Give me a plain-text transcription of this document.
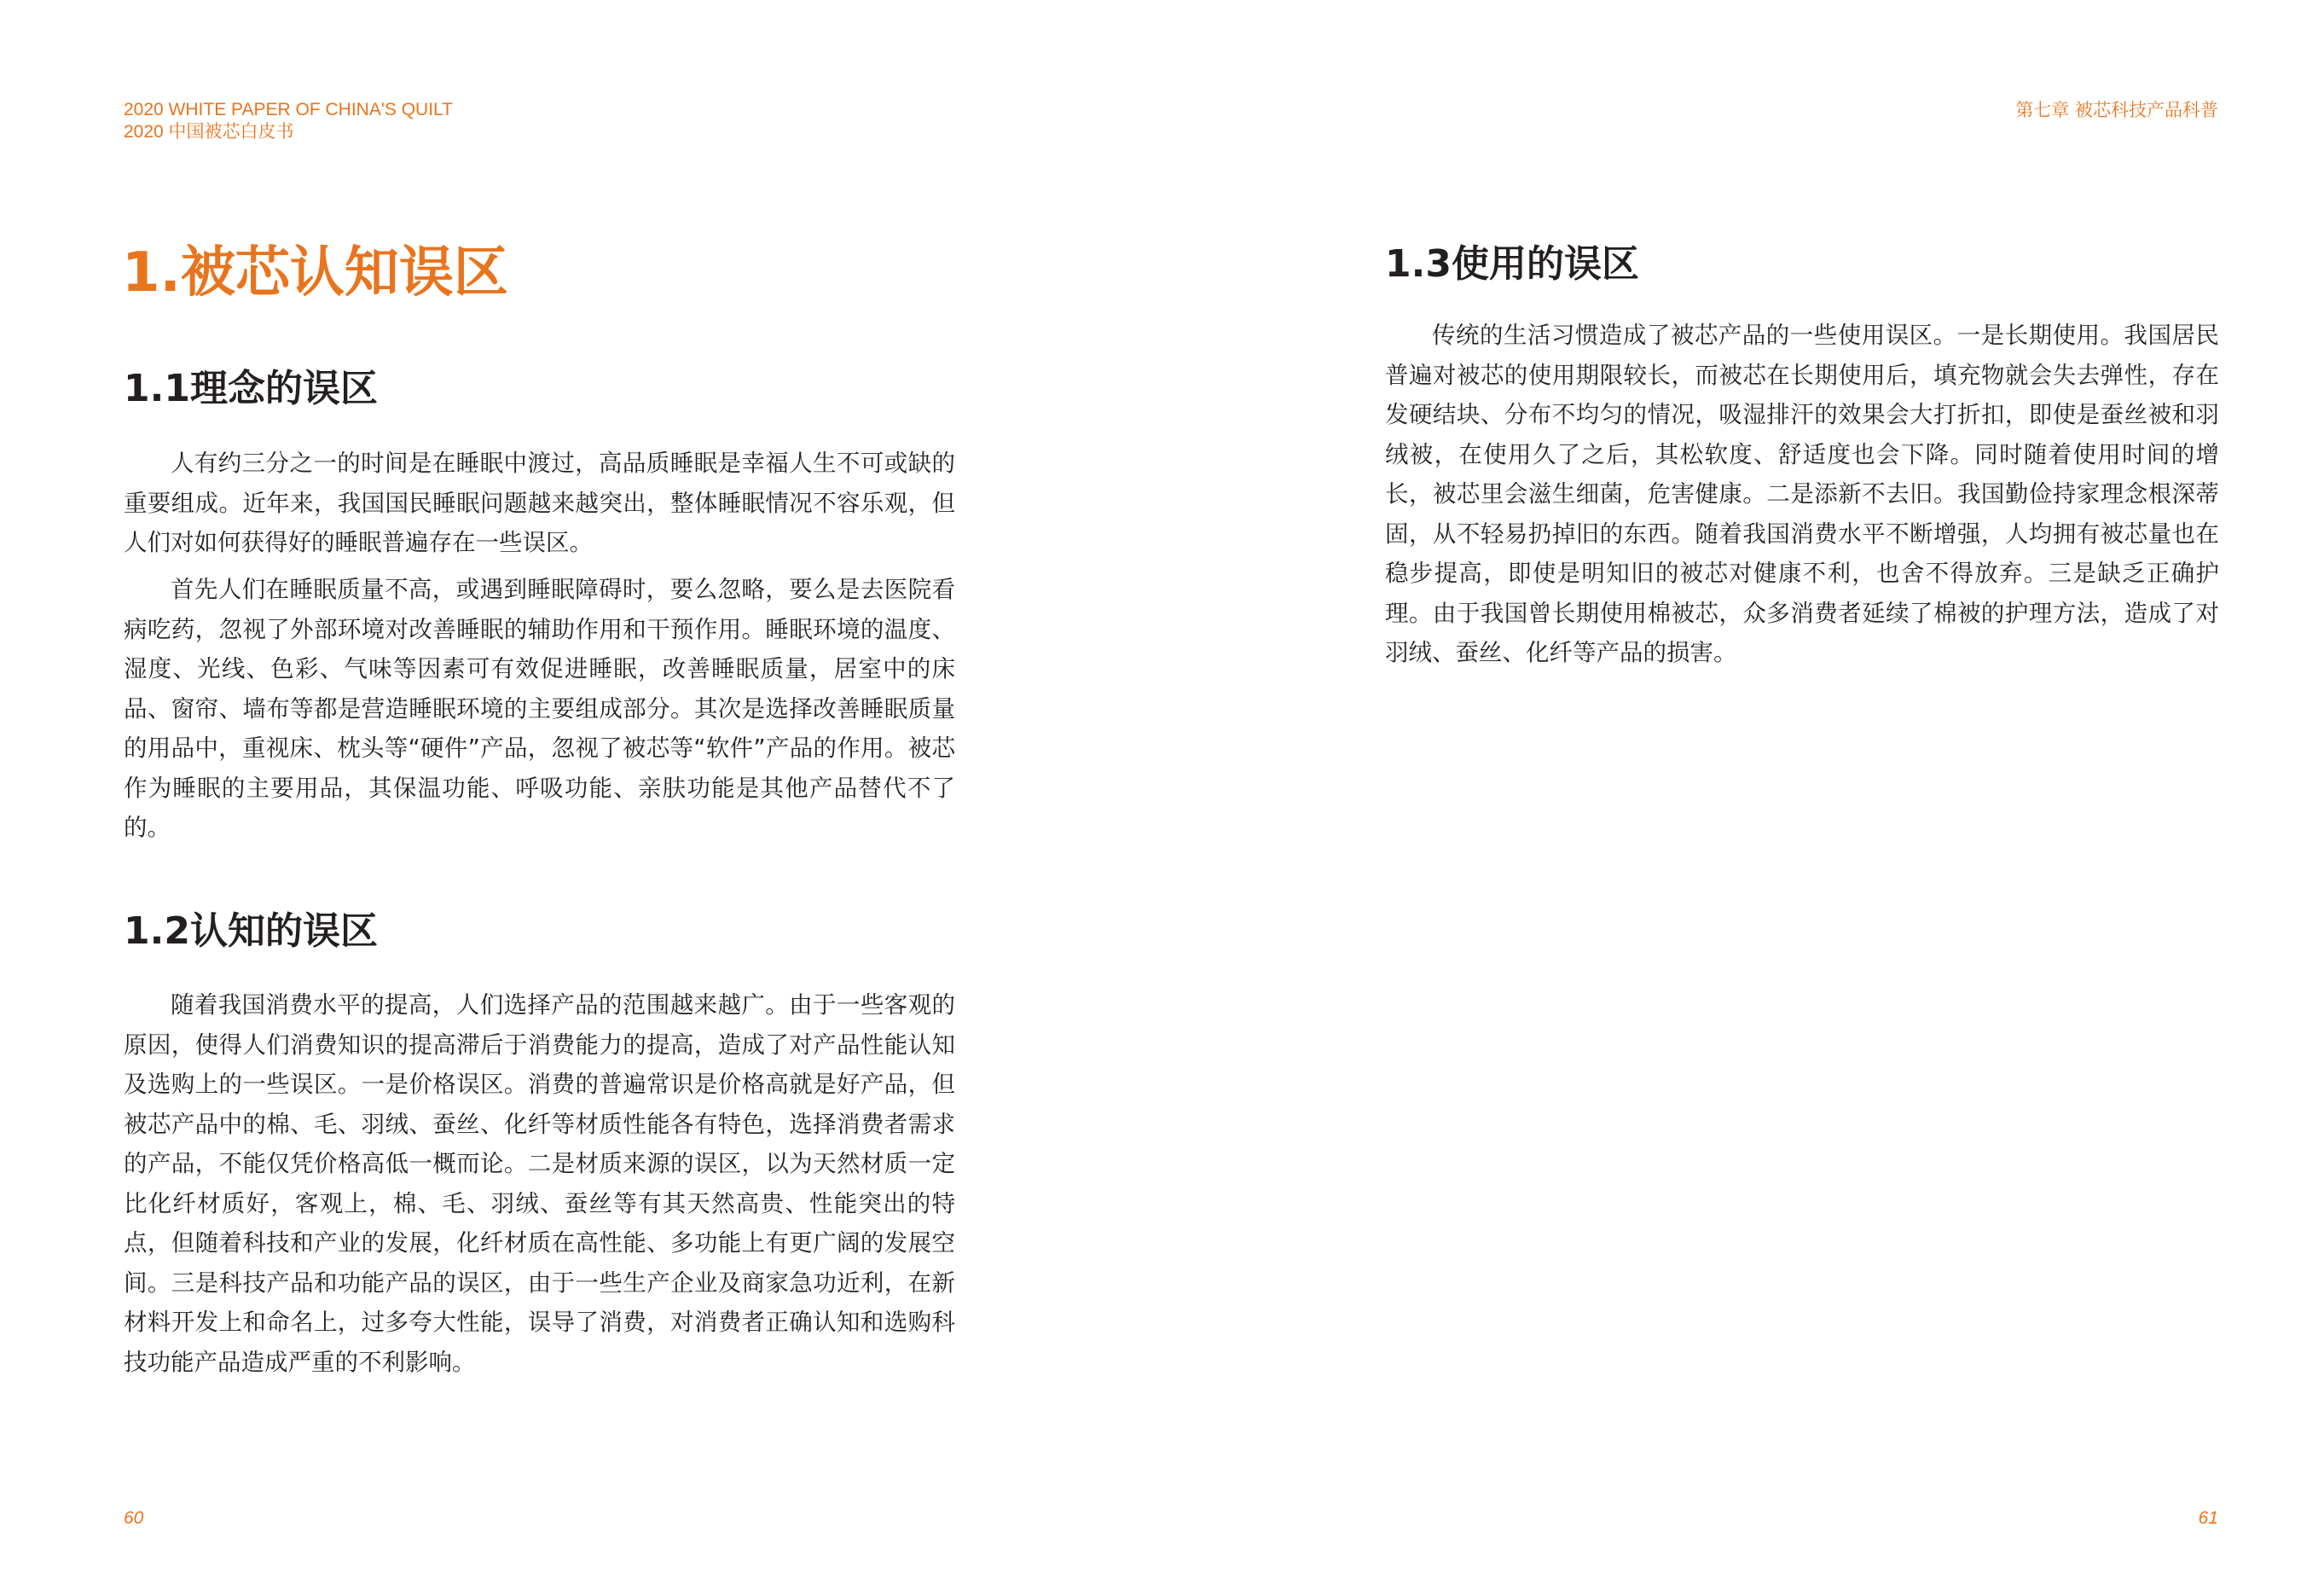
2020 WHITE PAPER OF CHINA'S QUILT
2020 中国被芯白皮书
第七章 被芯科技产品科普
1.被芯认知误区
1.1理念的误区

人有约三分之一的时间是在睡眠中渡过，高品质睡眠是幸福人生不可或缺的重要组成。近年来，我国国民睡眠问题越来越突出，整体睡眠情况不容乐观，但人们对如何获得好的睡眠普遍存在一些误区。

首先人们在睡眠质量不高，或遇到睡眠障碍时，要么忽略，要么是去医院看病吃药，忽视了外部环境对改善睡眠的辅助作用和干预作用。睡眠环境的温度、湿度、光线、色彩、气味等因素可有效促进睡眠，改善睡眠质量，居室中的床品、窗帘、墙布等都是营造睡眠环境的主要组成部分。其次是选择改善睡眠质量的用品中，重视床、枕头等“硬件”产品，忽视了被芯等“软件”产品的作用。被芯作为睡眠的主要用品，其保温功能、呼吸功能、亲肤功能是其他产品替代不了的。

1.2认知的误区

随着我国消费水平的提高，人们选择产品的范围越来越广。由于一些客观的原因，使得人们消费知识的提高滞后于消费能力的提高，造成了对产品性能认知及选购上的一些误区。一是价格误区。消费的普遍常识是价格高就是好产品，但被芯产品中的棉、毛、羽绒、蚕丝、化纤等材质性能各有特色，选择消费者需求的产品，不能仅凭价格高低一概而论。二是材质来源的误区，以为天然材质一定比化纤材质好，客观上，棉、毛、羽绒、蚕丝等有其天然高贵、性能突出的特点，但随着科技和产业的发展，化纤材质在高性能、多功能上有更广阔的发展空间。三是科技产品和功能产品的误区，由于一些生产企业及商家急功近利，在新材料开发上和命名上，过多夸大性能，误导了消费，对消费者正确认知和选购科技功能产品造成严重的不利影响。

1.3使用的误区

传统的生活习惯造成了被芯产品的一些使用误区。一是长期使用。我国居民普遍对被芯的使用期限较长，而被芯在长期使用后，填充物就会失去弹性，存在发硬结块、分布不均匀的情况，吸湿排汗的效果会大打折扣，即使是蚕丝被和羽绒被，在使用久了之后，其松软度、舒适度也会下降。同时随着使用时间的增长，被芯里会滋生细菌，危害健康。二是添新不去旧。我国勤俭持家理念根深蒂固，从不轻易扔掉旧的东西。随着我国消费水平不断增强，人均拥有被芯量也在稳步提高，即使是明知旧的被芯对健康不利，也舍不得放弃。三是缺乏正确护理。由于我国曾长期使用棉被芯，众多消费者延续了棉被的护理方法，造成了对羽绒、蚕丝、化纤等产品的损害。

60	61
